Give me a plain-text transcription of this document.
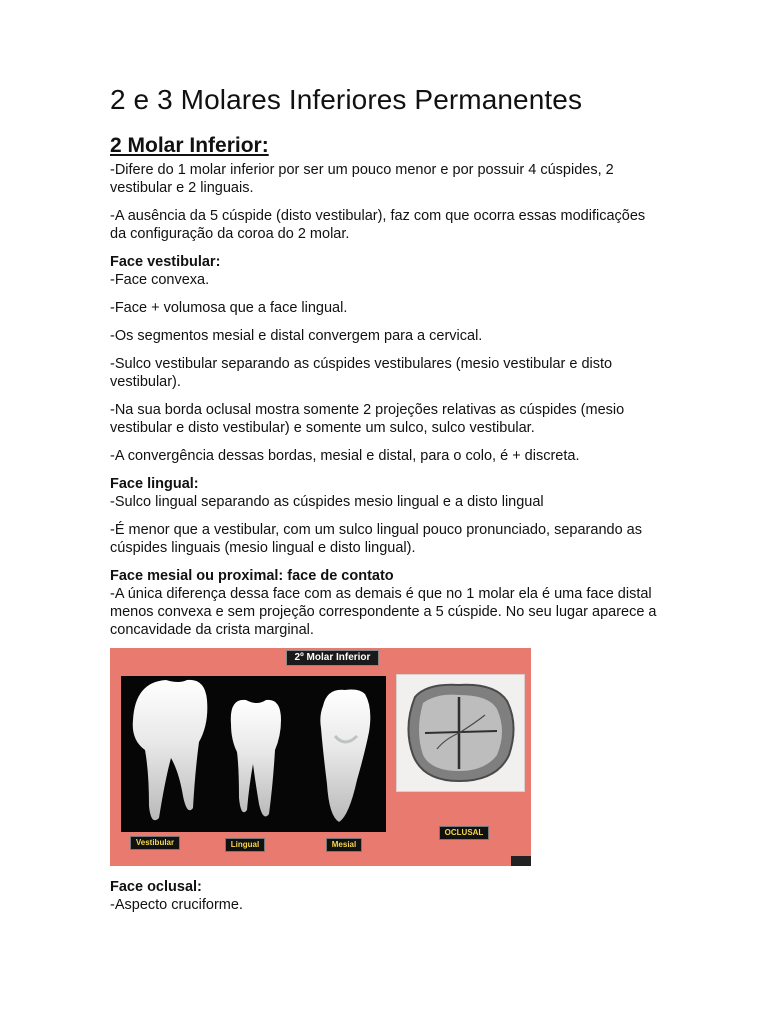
2 e 3 Molares Inferiores Permanentes
2 Molar Inferior:
-Difere do 1 molar inferior por ser um pouco menor e por possuir 4 cúspides, 2 vestibular e 2 linguais.
-A ausência da 5 cúspide (disto vestibular), faz com que ocorra essas modificações da configuração da coroa do 2 molar.
Face vestibular:
-Face convexa.
-Face + volumosa que a face lingual.
-Os segmentos mesial e distal convergem para a cervical.
-Sulco vestibular separando as cúspides vestibulares (mesio vestibular e disto vestibular).
-Na sua borda oclusal mostra somente 2 projeções relativas as cúspides (mesio vestibular e disto vestibular) e somente um sulco, sulco vestibular.
-A convergência dessas bordas, mesial e distal, para o colo, é + discreta.
Face lingual:
-Sulco lingual separando as cúspides mesio lingual e a disto lingual
-É menor que a vestibular, com um sulco lingual pouco pronunciado, separando as cúspides linguais (mesio lingual e disto lingual).
Face mesial ou proximal: face de contato
-A única diferença dessa face com as demais é que no 1 molar ela é uma face distal menos convexa e sem projeção correspondente a 5 cúspide. No seu lugar aparece a concavidade da crista marginal.
2º Molar Inferior
Vestibular	Lingual	Mesial
OCLUSAL
Face oclusal:
-Aspecto cruciforme.
